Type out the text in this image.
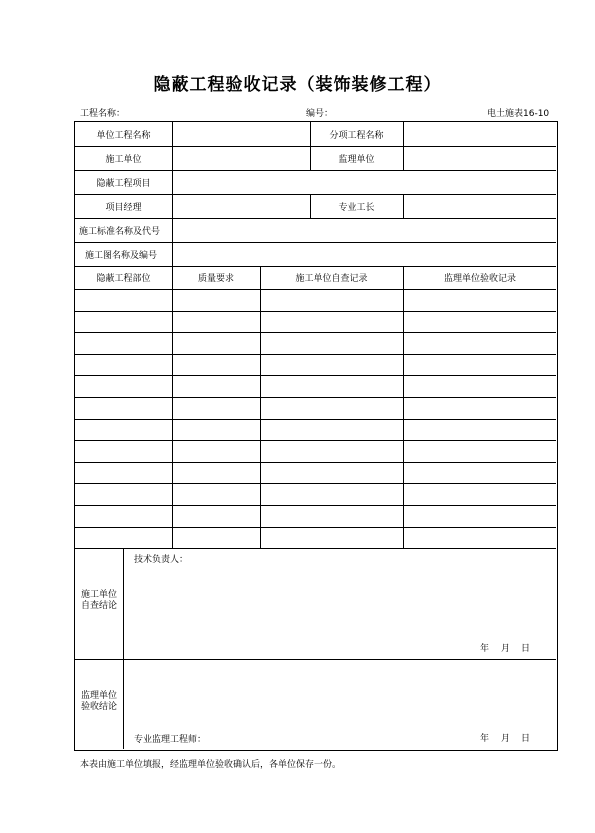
隐蔽工程验收记录（装饰装修工程）
工程名称：	编号：	电土施表16-10
单位工程名称	分项工程名称
施工单位	监理单位
隐蔽工程项目
项目经理	专业工长
施工标准名称及代号
施工图名称及编号
隐蔽工程部位	质量要求	施工单位自查记录	监理单位验收记录
施工单位
自查结论
技术负责人：
年	月	日
监理单位
验收结论
专业监理工程师：	年	月	日
本表由施工单位填报，经监理单位验收确认后，各单位保存一份。
